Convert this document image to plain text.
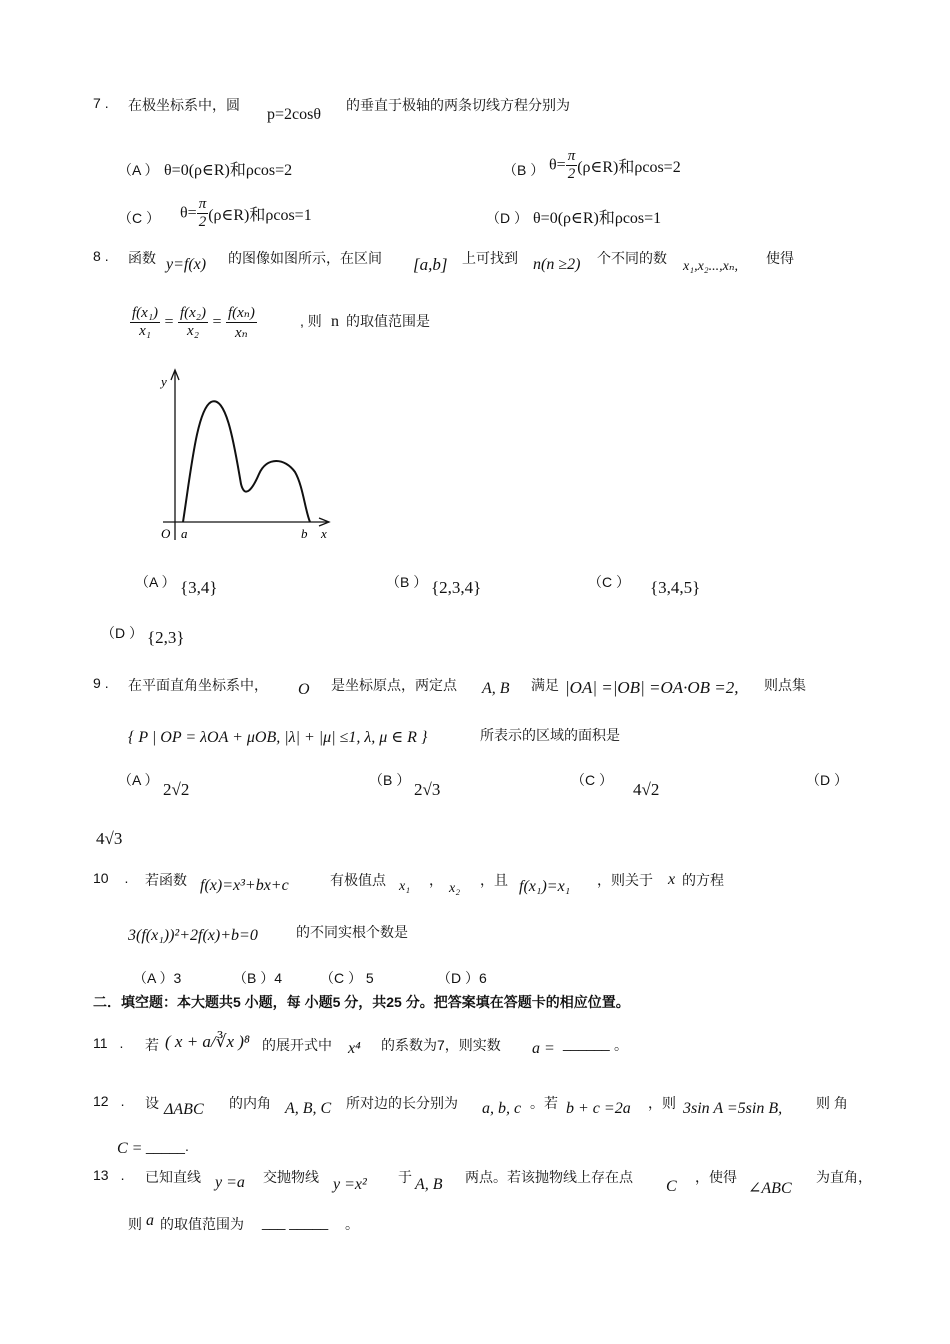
7 . 在极坐标系中，圆
p=2cosθ
的垂直于极轴的两条切线方程分别为
（A ） θ=0(ρ∈R)和ρcos=2	（B ） $\theta= \frac{\pi}{2}$ (ρ∈R)和ρcos=2
（C ） $\theta= \frac{\pi}{2}$ (ρ∈R)和ρcos=1	（D ） θ=0(ρ∈R)和ρcos=1
8 . 函数 y=f(x) 的图像如图所示，在区间 [a,b] 上可找到 n(n ≥2) 个不同的数
x₁,x₂...,xₙ,
使得
$\frac{\text{f(x₁)}}{\text{x₁}} = \frac{\text{f(x₂)}}{\text{x₂}} = \frac{\text{f(xₙ)}}{\text{xₙ}}$	, 则 n 的取值范围是
y
O a	b x
（A ） {3,4}	（B ） {2,3,4}	（C ） {3,4,5}
（D ） {2,3}
9 . 在平面直角坐标系中， O 是坐标原点，两定点 A, B 满足 |OA| =|OB| =OA·OB =2, 则点集
{ P | OP = λOA + μOB, |λ| + |μ| ≤1, λ, μ ∈ R }	所表示的区域的面积是
（A ） 2√2	（B ） 2√3	（C ） 4√2	（D ）
4√3
10 . 若函数 f(x)=x³+bx+c	有极值点 x₁ ，
x₂
，且 f(x₁)=x₁ ，则关于 x 的方程
3(f(x₁))²+2f(x)+b=0	的不同实根个数是
（A ）3	（B ）4	（C ） 5	（D ）6
二．填空题：本大题共5 小题，每 小题5 分，共25 分。把答案填在答题卡的相应位置。
11 . 若 ( x + a/∛x )⁸ 的展开式中 x⁴ 的系数为7，则实数 a = ______ 。
12 . 设 ΔABC 的内角 A, B, C 所对边的长分别为 a, b, c 。若 b + c =2a ，则 3sin A =5sin B, 则 角
C = _____.
13 . 已知直线 y =a 交抛物线 y =x² 于 A, B 两点。若该抛物线上存在点
C
，使得
∠ABC
为直角，
则 a 的取值范围为 ___ _____ 。
